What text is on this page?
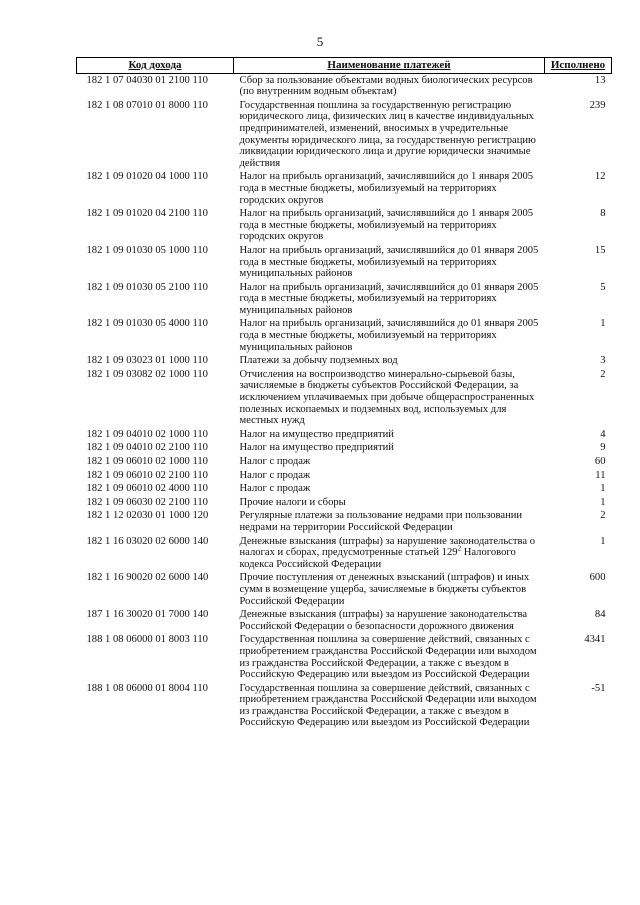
5
Код дохода	Наименование платежей	Исполнено
182 1 07 04030 01 2100 110	Сбор за пользование объектами водных биологических ресурсов (по внутренним водным объектам)	13
182 1 08 07010 01 8000 110	Государственная пошлина за государственную регистрацию юридического лица, физических лиц в качестве индивидуальных предпринимателей, изменений, вносимых в учредительные документы юридического лица, за государственную регистрацию ликвидации юридического лица и другие юридически значимые действия	239
182 1 09 01020 04 1000 110	Налог на прибыль организаций, зачислявшийся до 1 января 2005 года в местные бюджеты, мобилизуемый на территориях городских округов	12
182 1 09 01020 04 2100 110	Налог на прибыль организаций, зачислявшийся до 1 января 2005 года в местные бюджеты, мобилизуемый на территориях городских округов	8
182 1 09 01030 05 1000 110	Налог на прибыль организаций, зачислявшийся до 01 января 2005 года в местные бюджеты, мобилизуемый на территориях муниципальных районов	15
182 1 09 01030 05 2100 110	Налог на прибыль организаций, зачислявшийся до 01 января 2005 года в местные бюджеты, мобилизуемый на территориях муниципальных районов	5
182 1 09 01030 05 4000 110	Налог на прибыль организаций, зачислявшийся до 01 января 2005 года в местные бюджеты, мобилизуемый на территориях муниципальных районов	1
182 1 09 03023 01 1000 110	Платежи за добычу подземных вод	3
182 1 09 03082 02 1000 110	Отчисления на воспроизводство минерально-сырьевой базы, зачисляемые в бюджеты субъектов Российской Федерации, за исключением уплачиваемых при добыче общераспространенных полезных ископаемых и подземных вод, используемых для местных нужд	2
182 1 09 04010 02 1000 110	Налог на имущество предприятий	4
182 1 09 04010 02 2100 110	Налог на имущество предприятий	9
182 1 09 06010 02 1000 110	Налог с продаж	60
182 1 09 06010 02 2100 110	Налог с продаж	11
182 1 09 06010 02 4000 110	Налог с продаж	1
182 1 09 06030 02 2100 110	Прочие налоги и сборы	1
182 1 12 02030 01 1000 120	Регулярные платежи за пользование недрами при пользовании недрами на территории Российской Федерации	2
182 1 16 03020 02 6000 140	Денежные взыскания (штрафы) за нарушение законодательства о налогах и сборах, предусмотренные статьей $129^2$ Налогового кодекса Российской Федерации	1
182 1 16 90020 02 6000 140	Прочие поступления от денежных взысканий (штрафов) и иных сумм в возмещение ущерба, зачисляемые в бюджеты субъектов Российской Федерации	600
187 1 16 30020 01 7000 140	Денежные взыскания (штрафы) за нарушение законодательства Российской Федерации о безопасности дорожного движения	84
188 1 08 06000 01 8003 110	Государственная пошлина за совершение действий, связанных с приобретением гражданства Российской Федерации или выходом из гражданства Российской Федерации, а также с въездом в Российскую Федерацию или выездом из Российской Федерации	4341
188 1 08 06000 01 8004 110	Государственная пошлина за совершение действий, связанных с приобретением гражданства Российской Федерации или выходом из гражданства Российской Федерации, а также с въездом в Российскую Федерацию или выездом из Российской Федерации	-51
